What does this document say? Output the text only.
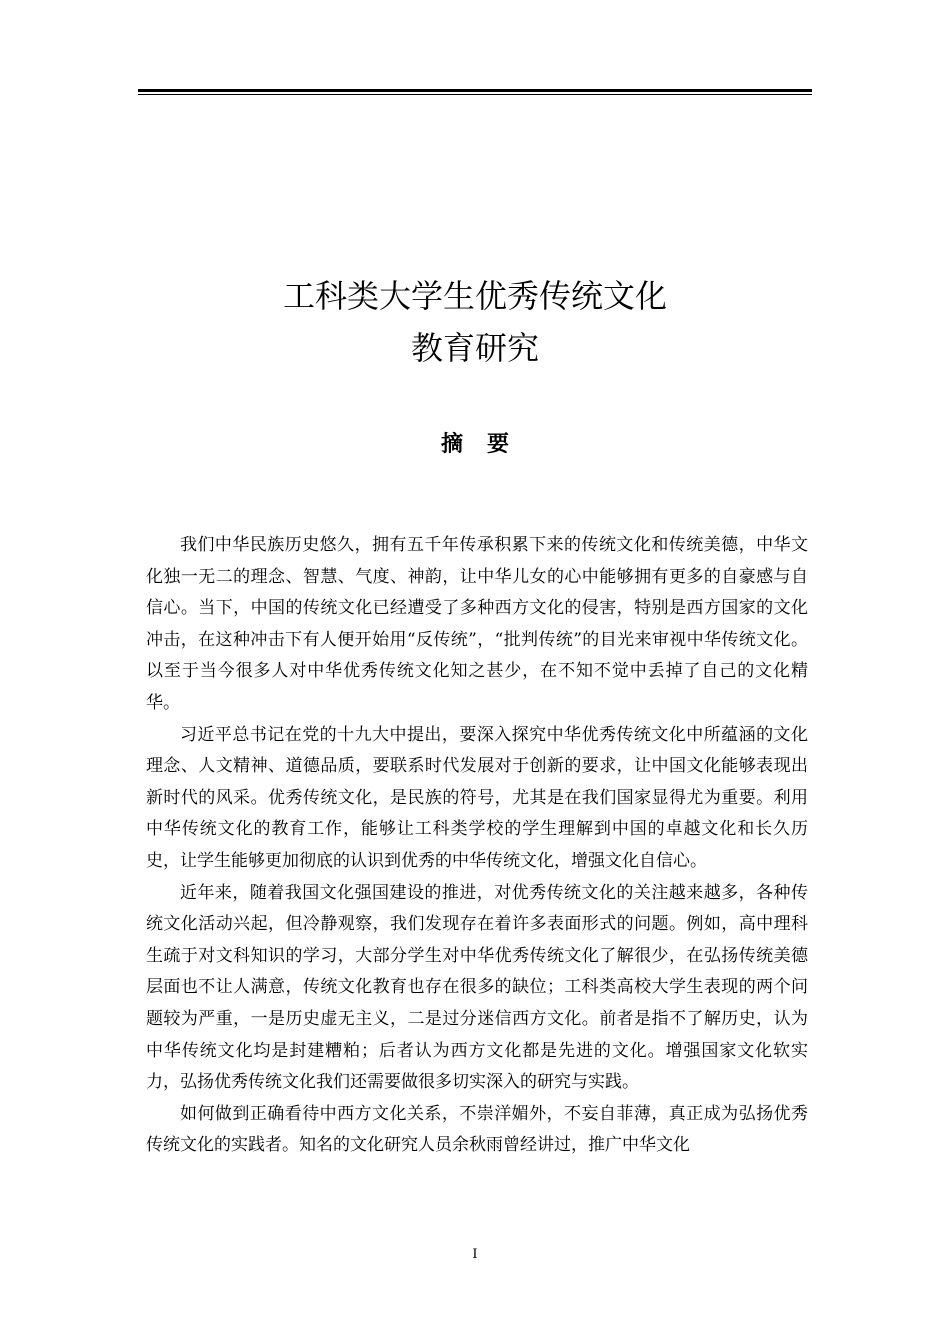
工科类大学生优秀传统文化
教育研究
摘 要

我们中华民族历史悠久，拥有五千年传承积累下来的传统文化和传统美德，中华文化独一无二的理念、智慧、气度、神韵，让中华儿女的心中能够拥有更多的自豪感与自信心。当下，中国的传统文化已经遭受了多种西方文化的侵害，特别是西方国家的文化冲击，在这种冲击下有人便开始用“反传统”，“批判传统”的目光来审视中华传统文化。以至于当今很多人对中华优秀传统文化知之甚少，在不知不觉中丢掉了自己的文化精华。

习近平总书记在党的十九大中提出，要深入探究中华优秀传统文化中所蕴涵的文化理念、人文精神、道德品质，要联系时代发展对于创新的要求，让中国文化能够表现出新时代的风采。优秀传统文化，是民族的符号，尤其是在我们国家显得尤为重要。利用中华传统文化的教育工作，能够让工科类学校的学生理解到中国的卓越文化和长久历史，让学生能够更加彻底的认识到优秀的中华传统文化，增强文化自信心。

近年来，随着我国文化强国建设的推进，对优秀传统文化的关注越来越多，各种传统文化活动兴起，但冷静观察，我们发现存在着许多表面形式的问题。例如，高中理科生疏于对文科知识的学习，大部分学生对中华优秀传统文化了解很少，在弘扬传统美德层面也不让人满意，传统文化教育也存在很多的缺位；工科类高校大学生表现的两个问题较为严重，一是历史虚无主义，二是过分迷信西方文化。前者是指不了解历史，认为中华传统文化均是封建糟粕；后者认为西方文化都是先进的文化。增强国家文化软实力，弘扬优秀传统文化我们还需要做很多切实深入的研究与实践。

如何做到正确看待中西方文化关系，不崇洋媚外，不妄自菲薄，真正成为弘扬优秀传统文化的实践者。知名的文化研究人员余秋雨曾经讲过，推广中华文化

I
